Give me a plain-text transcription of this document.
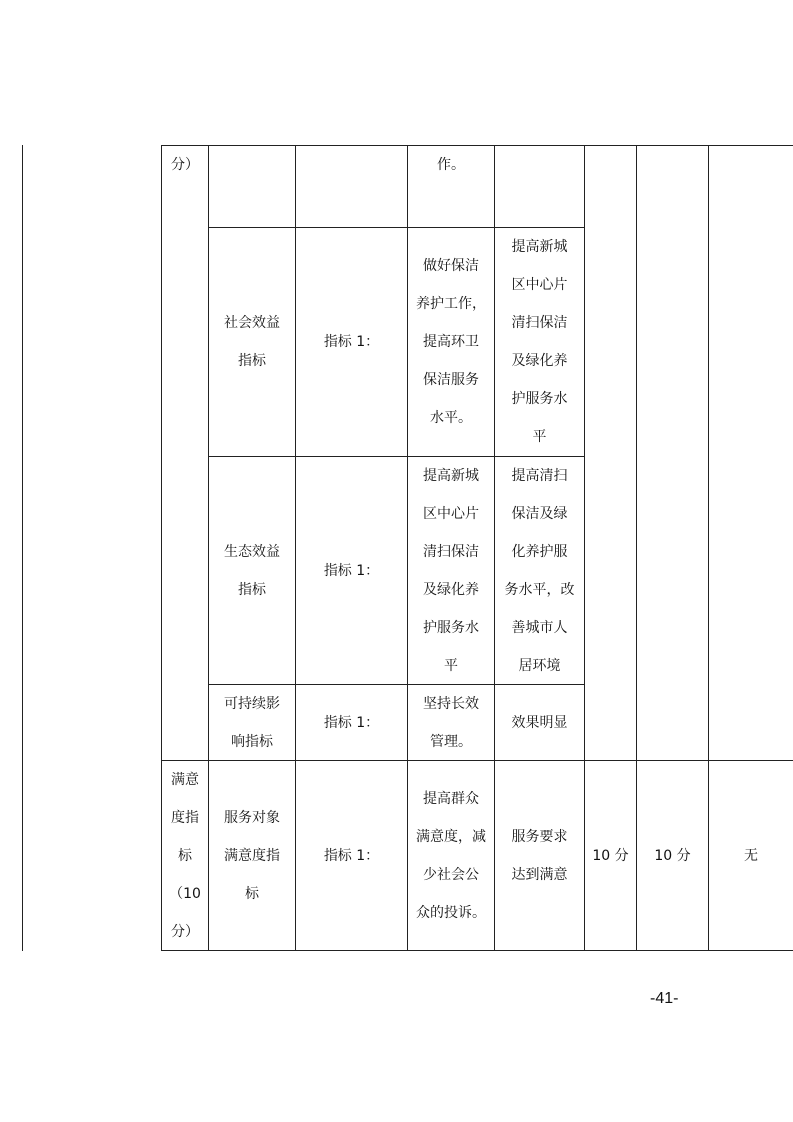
分）	作。
社会效益
指标
指标 1：
做好保洁
养护工作，
提高环卫
保洁服务
水平。
提高新城
区中心片
清扫保洁
及绿化养
护服务水
平
生态效益
指标
指标 1：
提高新城
区中心片
清扫保洁
及绿化养
护服务水
平
提高清扫
保洁及绿
化养护服
务水平，改
善城市人
居环境
可持续影
响指标
指标 1：
坚持长效
管理。
效果明显
满意
度指
标
（10
分）
服务对象
满意度指
标
指标 1：
提高群众
满意度，减
少社会公
众的投诉。
服务要求
达到满意
10 分 10 分	无
-41-
